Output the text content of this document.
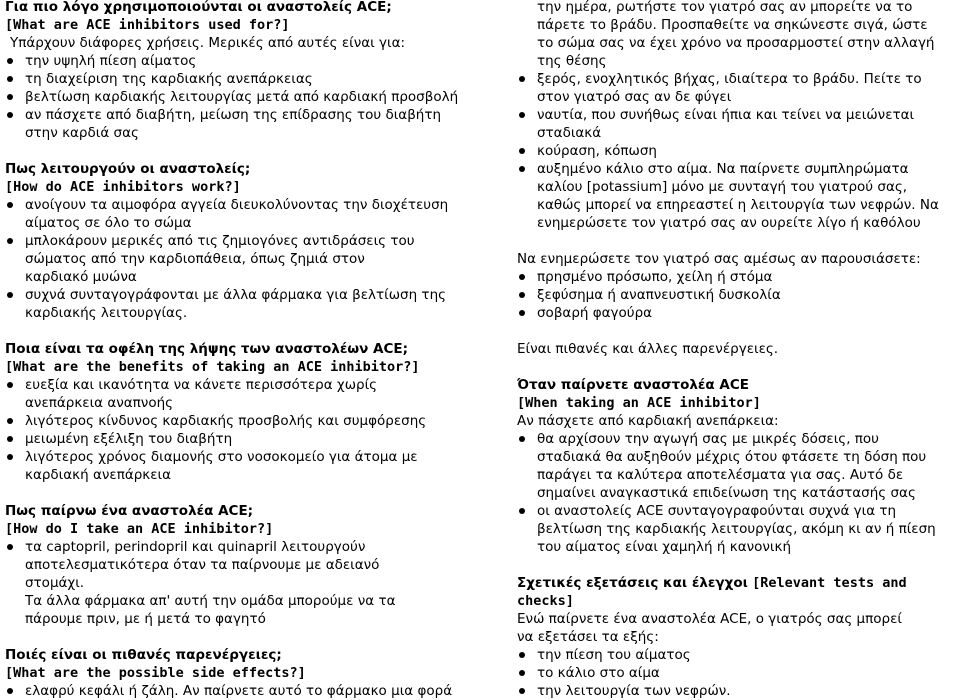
Για πιο λόγο χρησιμοποιούνται οι αναστολείς ACE;

[What are ACE inhibitors used for?]

Υπάρχουν διάφορες χρήσεις. Μερικές από αυτές είναι για:

την υψηλή πίεση αίματος
τη διαχείριση της καρδιακής ανεπάρκειας
βελτίωση καρδιακής λειτουργίας μετά από καρδιακή προσβολή
αν πάσχετε από διαβήτη, μείωση της επίδρασης του διαβήτη στην καρδιά σας

Πως λειτουργούν οι αναστολείς;

[How do ACE inhibitors work?]

ανοίγουν τα αιμοφόρα αγγεία διευκολύνοντας την διοχέτευση αίματος σε όλο το σώμα
μπλοκάρουν μερικές από τις ζημιογόνες αντιδράσεις του σώματος από την καρδιοπάθεια, όπως ζημιά στον καρδιακό μυώνα
συχνά συνταγογράφονται με άλλα φάρμακα για βελτίωση της καρδιακής λειτουργίας.

Ποια είναι τα οφέλη της λήψης των αναστολέων ACE;

[What are the benefits of taking an ACE inhibitor?]

ευεξία και ικανότητα να κάνετε περισσότερα χωρίς ανεπάρκεια αναπνοής
λιγότερος κίνδυνος καρδιακής προσβολής και συμφόρεσης
μειωμένη εξέλιξη του διαβήτη
λιγότερος χρόνος διαμονής στο νοσοκομείο για άτομα με καρδιακή ανεπάρκεια

Πως παίρνω ένα αναστολέα ACE;

[How do I take an ACE inhibitor?]

τα captopril, perindopril και quinapril λειτουργούν αποτελεσματικότερα όταν τα παίρνουμε με αδειανό στομάχι.

Τα άλλα φάρμακα απ' αυτή την ομάδα μπορούμε να τα πάρουμε πριν, με ή μετά το φαγητό

Ποιές είναι οι πιθανές παρενέργειες;

[What are the possible side effects?]

ελαφρύ κεφάλι ή ζάλη. Αν παίρνετε αυτό το φάρμακο μια φορά

την ημέρα, ρωτήστε τον γιατρό σας αν μπορείτε να το πάρετε το βράδυ. Προσπαθείτε να σηκώνεστε σιγά, ώστε το σώμα σας να έχει χρόνο να προσαρμοστεί στην αλλαγή της θέσης

ξερός, ενοχλητικός βήχας, ιδιαίτερα το βράδυ. Πείτε το στον γιατρό σας αν δε φύγει
ναυτία, που συνήθως είναι ήπια και τείνει να μειώνεται σταδιακά
κούραση, κόπωση
αυξημένο κάλιο στο αίμα. Να παίρνετε συμπληρώματα καλίου [potassium] μόνο με συνταγή του γιατρού σας, καθώς μπορεί να επηρεαστεί η λειτουργία των νεφρών. Να ενημερώσετε τον γιατρό σας αν ουρείτε λίγο ή καθόλου

Να ενημερώσετε τον γιατρό σας αμέσως αν παρουσιάσετε:

πρησμένο πρόσωπο, χείλη ή στόμα
ξεφύσημα ή αναπνευστική δυσκολία
σοβαρή φαγούρα

Είναι πιθανές και άλλες παρενέργειες.

Όταν παίρνετε αναστολέα ACE

[When taking an ACE inhibitor]

Αν πάσχετε από καρδιακή ανεπάρκεια:

θα αρχίσουν την αγωγή σας με μικρές δόσεις, που σταδιακά θα αυξηθούν μέχρις ότου φτάσετε τη δόση που παράγει τα καλύτερα αποτελέσματα για σας. Αυτό δε σημαίνει αναγκαστικά επιδείνωση της κατάστασής σας
οι αναστολείς ACE συνταγογραφούνται συχνά για τη βελτίωση της καρδιακής λειτουργίας, ακόμη κι αν ή πίεση του αίματος είναι χαμηλή ή κανονική

Σχετικές εξετάσεις και έλεγχοι [Relevant tests and checks]

Ενώ παίρνετε ένα αναστολέα ACE, ο γιατρός σας μπορεί να εξετάσει τα εξής:

την πίεση του αίματος
το κάλιο στο αίμα
την λειτουργία των νεφρών.
